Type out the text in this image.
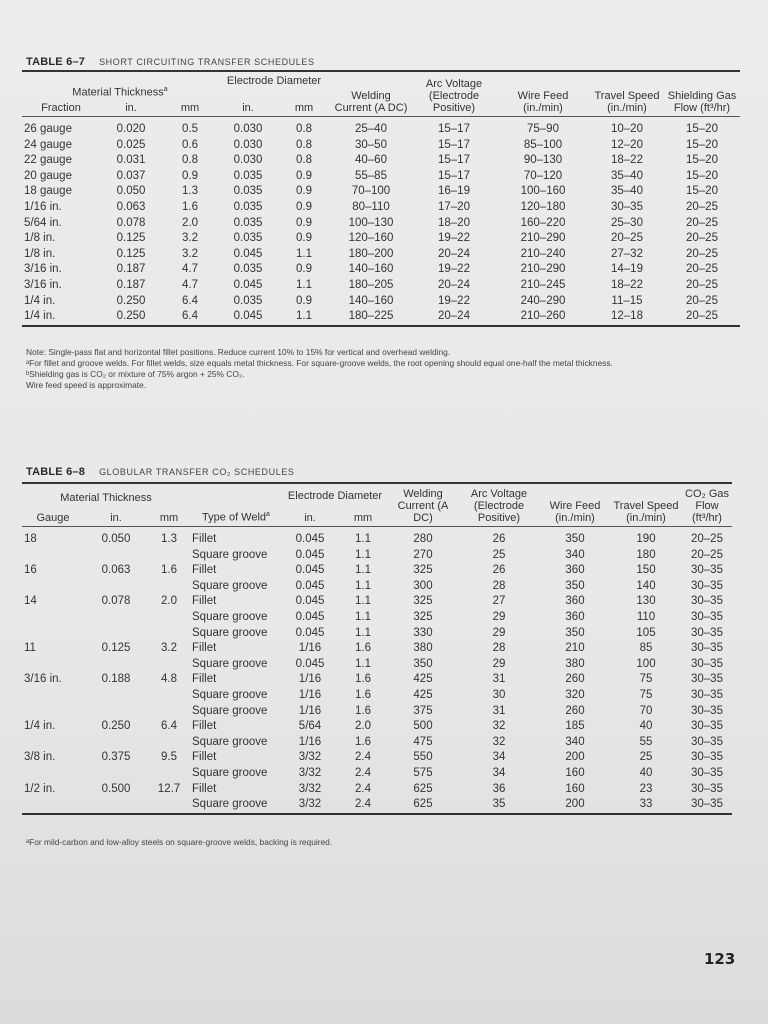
TABLE 6–7 SHORT CIRCUITING TRANSFER SCHEDULES
Material Thickness$^a$			Electrode Diameter		Welding Current (A DC)	Arc Voltage (Electrode Positive)	Wire Feed (in./min)	Travel Speed (in./min)	Shielding Gas Flow (ft³/hr)
Fraction	in.	mm	in.	mm					
26 gauge	0.020	0.5	0.030	0.8	25–40	15–17	75–90	10–20	15–20
24 gauge	0.025	0.6	0.030	0.8	30–50	15–17	85–100	12–20	15–20
22 gauge	0.031	0.8	0.030	0.8	40–60	15–17	90–130	18–22	15–20
20 gauge	0.037	0.9	0.035	0.9	55–85	15–17	70–120	35–40	15–20
18 gauge	0.050	1.3	0.035	0.9	70–100	16–19	100–160	35–40	15–20
1/16 in.	0.063	1.6	0.035	0.9	80–110	17–20	120–180	30–35	20–25
5/64 in.	0.078	2.0	0.035	0.9	100–130	18–20	160–220	25–30	20–25
1/8 in.	0.125	3.2	0.035	0.9	120–160	19–22	210–290	20–25	20–25
1/8 in.	0.125	3.2	0.045	1.1	180–200	20–24	210–240	27–32	20–25
3/16 in.	0.187	4.7	0.035	0.9	140–160	19–22	210–290	14–19	20–25
3/16 in.	0.187	4.7	0.045	1.1	180–205	20–24	210–245	18–22	20–25
1/4 in.	0.250	6.4	0.035	0.9	140–160	19–22	240–290	11–15	20–25
1/4 in.	0.250	6.4	0.045	1.1	180–225	20–24	210–260	12–18	20–25

Note: Single-pass flat and horizontal fillet positions. Reduce current 10% to 15% for vertical and overhead welding.

ᵃFor fillet and groove welds. For fillet welds, size equals metal thickness. For square-groove welds, the root opening should equal one-half the metal thickness.

ᵇShielding gas is CO₂ or mixture of 75% argon + 25% CO₂.

Wire feed speed is approximate.

TABLE 6–8 GLOBULAR TRANSFER CO₂ SCHEDULES
Material Thickness			Type of Weld$^a$	Electrode Diameter		Welding Current (A DC)	Arc Voltage (Electrode Positive)	Wire Feed (in./min)	Travel Speed (in./min)	CO₂ Gas Flow (ft³/hr)
Gauge	in.	mm		in.	mm					
18	0.050	1.3	Fillet	0.045	1.1	280	26	350	190	20–25
			Square groove	0.045	1.1	270	25	340	180	20–25
16	0.063	1.6	Fillet	0.045	1.1	325	26	360	150	30–35
			Square groove	0.045	1.1	300	28	350	140	30–35
14	0.078	2.0	Fillet	0.045	1.1	325	27	360	130	30–35
			Square groove	0.045	1.1	325	29	360	110	30–35
			Square groove	0.045	1.1	330	29	350	105	30–35
11	0.125	3.2	Fillet	1/16	1.6	380	28	210	85	30–35
			Square groove	0.045	1.1	350	29	380	100	30–35
3/16 in.	0.188	4.8	Fillet	1/16	1.6	425	31	260	75	30–35
			Square groove	1/16	1.6	425	30	320	75	30–35
			Square groove	1/16	1.6	375	31	260	70	30–35
1/4 in.	0.250	6.4	Fillet	5/64	2.0	500	32	185	40	30–35
			Square groove	1/16	1.6	475	32	340	55	30–35
3/8 in.	0.375	9.5	Fillet	3/32	2.4	550	34	200	25	30–35
			Square groove	3/32	2.4	575	34	160	40	30–35
1/2 in.	0.500	12.7	Fillet	3/32	2.4	625	36	160	23	30–35
			Square groove	3/32	2.4	625	35	200	33	30–35

ᵃFor mild-carbon and low-alloy steels on square-groove welds, backing is required.

123
